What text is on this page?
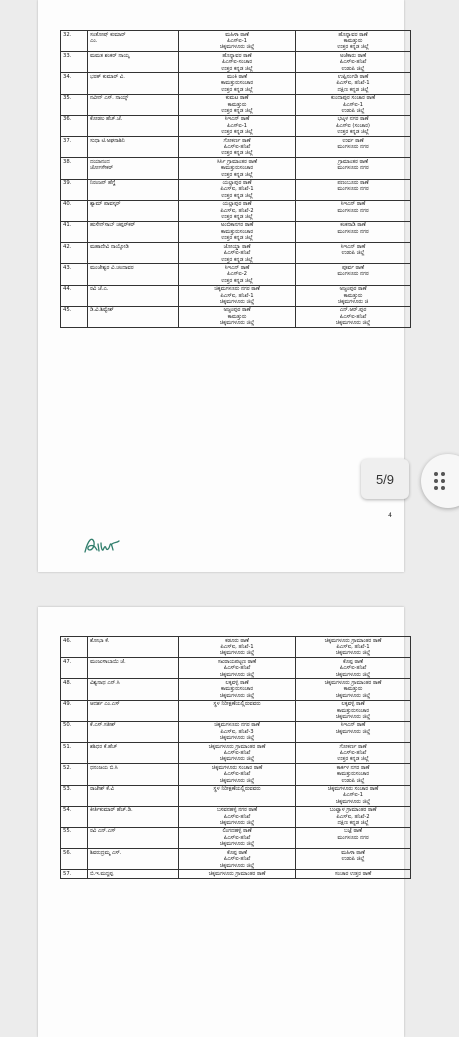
32.	ಸಂತೋಷ್ ಕುಮಾರ್
ಎಂ.	ಮಹಿಳಾ ಠಾಣೆ
ಪಿಎಸ್‌ಐ-1
ಚಿಕ್ಕಮಗಳೂರು ಜಿಲ್ಲೆ	ಹೊನ್ನಾವರ ಠಾಣೆ
ಕಾಮತ್ತುರು
ಉತ್ತರ ಕನ್ನಡ ಜಿಲ್ಲೆ

33.	ಮಮತ ಶಂಕರ್ ನಾಯ್ಕ	ಹೊನ್ನಾವರ ಠಾಣೆ
ಪಿಎಸ್‌ಐ-ಸಂಚಾರ
ಉತ್ತರ ಕನ್ನಡ ಜಿಲ್ಲೆ	ಅಜೆಕಾರು ಠಾಣೆ
ಪಿಎಸ್‌ಐ-ತನಿಖೆ
ಉಡುಪಿ ಜಿಲ್ಲೆ

34.	ಭರತ್ ಕುಮಾರ್ ವಿ.	ಮಂಕಿ ಠಾಣೆ
ಕಾಮತ್ತುರುಸಂಚಾರ
ಉತ್ತರ ಕನ್ನಡ ಜಿಲ್ಲೆ	ಉಪ್ಪಿನಂಗಡಿ ಠಾಣೆ
ಪಿಎಸ್‌ಐ, ತನಿಖೆ-1
ದಕ್ಷಿಣ ಕನ್ನಡ ಜಿಲ್ಲೆ

35.	ನವೀನ್ ಎಸ್. ನಾಯ್ಕ್	ಕುಮಟ ಠಾಣೆ
ಕಾಮತ್ತುರು
ಉತ್ತರ ಕನ್ನಡ ಜಿಲ್ಲೆ	ಕುಂದಾಪುರ ಸಂಚಾರ ಠಾಣೆ
ಪಿಎಸ್‌ಐ-1
ಉಡುಪಿ ಜಿಲ್ಲೆ

36.	ಕೋಡಲ ಹೆಚ್.ಜೆ.	ಸಿಇಎನ್ ಠಾಣೆ
ಪಿಎಸ್‌ಐ-1
ಉತ್ತರ ಕನ್ನಡ ಜಿಲ್ಲೆ	ಭಟ್ಕಳ ನಗರ ಠಾಣೆ
ಪಿಎಸ್‌ಐ (ಸಂಚಾರ)
ಉತ್ತರ ಕನ್ನಡ ಜಿಲ್ಲೆ

37.	ಸುಧಾ ಟಿ.ಅಘನಾಶಿನಿ	ಗೋಕರ್ಣ ಠಾಣೆ
ಪಿಎಸ್‌ಐ-ತನಿಖೆ
ಉತ್ತರ ಕನ್ನಡ ಜಿಲ್ಲೆ	ಉರ್ವ ಠಾಣೆ
ಮಂಗಳೂರು ನಗರ

38.	ದಯಾನಂದ
ಜೋಗಳೇಕರ್	ಸಿರ್ಸಿ ಗ್ರಾಮಾಂತರ ಠಾಣೆ
ಕಾಮತ್ತುರುಸಂಚಾರ
ಉತ್ತರ ಕನ್ನಡ ಜಿಲ್ಲೆ	ಗ್ರಾಮಾಂತರ ಠಾಣೆ
ಮಂಗಳೂರು ನಗರ

39.	ನಿರಂಜನ್ ಹೆಗ್ಡೆ	ಯಲ್ಲಾಪುರ ಠಾಣೆ
ಪಿಎಸ್‌ಐ, ತನಿಖೆ-1
ಉತ್ತರ ಕನ್ನಡ ಜಿಲ್ಲೆ	ಪಣಂಬೂರು ಠಾಣೆ
ಮಂಗಳೂರು ನಗರ

40.	ಶ್ಯಾಮ್ ಪಾವಸ್ಕರ್	ಯಲ್ಲಾಪುರ ಠಾಣೆ
ಪಿಎಸ್‌ಐ, ತನಿಖೆ-2
ಉತ್ತರ ಕನ್ನಡ ಜಿಲ್ಲೆ	ಸಿಇಎನ್ ಠಾಣೆ
ಮಂಗಳೂರು ನಗರ

41.	ಹುಸೇನ್‌ಸಾಬ್ ಚಪ್ಪರ್‌ಕರ್	ಅಂಬಿಕಾನಗರ ಠಾಣೆ
ಕಾಮತ್ತುರುಸಂಚಾರ
ಉತ್ತರ ಕನ್ನಡ ಜಿಲ್ಲೆ	ಕಂಕನಾಡಿ ಠಾಣೆ
ಮಂಗಳೂರು ನಗರ

42.	ಮಹಾದೇವಿ ನಾಯ್ಕೋಡಿ	ಜೋಯ್ಡಾ ಠಾಣೆ
ಪಿಎಸ್‌ಐ-ತನಿಖೆ
ಉತ್ತರ ಕನ್ನಡ ಜಿಲ್ಲೆ	ಸಿಇಎನ್ ಠಾಣೆ
ಉಡುಪಿ ಜಿಲ್ಲೆ

43.	ಮಂಜೇಶ್ವರ ವಿ.ಚಂದಾವರ	ಸಿಇಎನ್ ಠಾಣೆ
ಪಿಎಸ್‌ಐ-2
ಉತ್ತರ ಕನ್ನಡ ಜಿಲ್ಲೆ	ಪೂರ್ವ ಠಾಣೆ
ಮಂಗಳೂರು ನಗರ

44.	ರವಿ ಜೆ.ಎ.	ಚಿಕ್ಕಮಗಳೂರು ನಗರ ಠಾಣೆ
ಪಿಎಸ್‌ಐ, ತನಿಖೆ-1
ಚಿಕ್ಕಮಗಳೂರು ಜಿಲ್ಲೆ	ಅಜ್ಜಂಪುರ ಠಾಣೆ
ಕಾಮತ್ತುರು
ಚಿಕ್ಕಮಗಳೂರು ಜಿ

45.	ಡಿ.ವಿ.ಶಿವ್ವೇಶ್	ಅಜ್ಜಂಪುರ ಠಾಣೆ
ಕಾಮತ್ತುರು
ಚಿಕ್ಕಮಗಳೂರು ಜಿಲ್ಲೆ	ಎನ್.ಆರ್.ಪುರ
ಪಿಎಸ್‌ಐ-ತನಿಖೆ
ಚಿಕ್ಕಮಗಳೂರು ಜಿಲ್ಲೆ
4
46.	ಶೋಭಾ ಕೆ.	ಕಡೂರು ಠಾಣೆ
ಪಿಎಸ್‌ಐ, ತನಿಖೆ-1
ಚಿಕ್ಕಮಗಳೂರು ಜಿಲ್ಲೆ	ಚಿಕ್ಕಮಗಳೂರು ಗ್ರಾಮಾಂತರ ಠಾಣೆ
ಪಿಎಸ್‌ಐ, ತನಿಖೆ-1
ಚಿಕ್ಕಮಗಳೂರು ಜಿಲ್ಲೆ

47.	ಮಂಜುಳಾಬಾಯಿ ಜೆ.	ಸಖರಾಯಪಟ್ಟಣ ಠಾಣೆ
ಪಿಎಸ್‌ಐ-ತನಿಖೆ
ಚಿಕ್ಕಮಗಳೂರು ಜಿಲ್ಲೆ	ಕೊಪ್ಪ ಠಾಣೆ
ಪಿಎಸ್‌ಐ-ತನಿಖೆ
ಚಿಕ್ಕಮಗಳೂರು ಜಿಲ್ಲೆ

48.	ವಿಶ್ವನಾಥ ಎನ್.ಸಿ	ಲಕ್ಕವಳ್ಳಿ ಠಾಣೆ
ಕಾಮತ್ತುರುಸಂಚಾರ
ಚಿಕ್ಕಮಗಳೂರು ಜಿಲ್ಲೆ	ಚಿಕ್ಕಮಗಳೂರು ಗ್ರಾಮಾಂತರ ಠಾಣೆ
ಕಾಮತ್ತುರು
ಚಿಕ್ಕಮಗಳೂರು ಜಿಲ್ಲೆ

49.	ಆದರ್ಶ ಎಂ.ಎಸ್	ಸ್ಥಳ ನಿರೀಕ್ಷಣೆಯಲ್ಲಿರುವವರು	ಲಕ್ಕವಳ್ಳಿ ಠಾಣೆ
ಕಾಮತ್ತುರುಸಂಚಾರ
ಚಿಕ್ಕಮಗಳೂರು ಜಿಲ್ಲೆ

50.	ಕೆ.ಎಸ್.ಸತೀಶ್	ಚಿಕ್ಕಮಗಳೂರು ನಗರ ಠಾಣೆ
ಪಿಎಸ್‌ಐ, ತನಿಖೆ-3
ಚಿಕ್ಕಮಗಳೂರು ಜಿಲ್ಲೆ	ಸಿಇಎನ್ ಠಾಣೆ
ಚಿಕ್ಕಮಗಳೂರು ಜಿಲ್ಲೆ

51.	ಶಶಿಧರ ಕೆ.ಹೆಚ್	ಚಿಕ್ಕಮಗಳೂರು ಗ್ರಾಮಾಂತರ ಠಾಣೆ
ಪಿಎಸ್‌ಐ-ತನಿಖೆ
ಚಿಕ್ಕಮಗಳೂರು ಜಿಲ್ಲೆ	ಗೋಕರ್ಣ ಠಾಣೆ
ಪಿಎಸ್‌ಐ-ತನಿಖೆ
ಉತ್ತರ ಕನ್ನಡ ಜಿಲ್ಲೆ

52.	ಧನಂಜಯ ಬಿ.ಸಿ	ಚಿಕ್ಕಮಗಳೂರು ಸಂಚಾರ ಠಾಣೆ
ಪಿಎಸ್‌ಐ-ತನಿಖೆ
ಚಿಕ್ಕಮಗಳೂರು ಜಿಲ್ಲೆ	ಕಾರ್ಕಳ ನಗರ ಠಾಣೆ
ಕಾಮತ್ತುರುಸಂಚಾರ
ಉಡುಪಿ ಜಿಲ್ಲೆ

53.	ರಾಜೇಶ್ ಕೆ.ವಿ	ಸ್ಥಳ ನಿರೀಕ್ಷಣೆಯಲ್ಲಿರುವವರು	ಚಿಕ್ಕಮಗಳೂರು ಸಂಚಾರ ಠಾಣೆ
ಪಿಎಸ್‌ಐ-1
ಚಿಕ್ಕಮಗಳೂರು ಜಿಲ್ಲೆ

54.	ಕೀರ್ತಿಕುಮಾರ್ ಹೆಚ್.ಡಿ.	ಬಸವನಹಳ್ಳಿ ನಗರ ಠಾಣೆ
ಪಿಎಸ್‌ಐ-ತನಿಖೆ
ಚಿಕ್ಕಮಗಳೂರು ಜಿಲ್ಲೆ	ಬಂಟ್ವಾಳ ಗ್ರಾಮಾಂತರ ಠಾಣೆ
ಪಿಎಸ್‌ಐ, ತನಿಖೆ-2
ದಕ್ಷಿಣ ಕನ್ನಡ ಜಿಲ್ಲೆ

55.	ರವಿ ಎನ್.ಎಸ್	ಲಿಂಗದಹಳ್ಳಿ ಠಾಣೆ
ಪಿಎಸ್‌ಐ-ತನಿಖೆ
ಚಿಕ್ಕಮಗಳೂರು ಜಿಲ್ಲೆ	ಬಜ್ಪೆ ಠಾಣೆ
ಮಂಗಳೂರು ನಗರ

56.	ಶಿವರುದ್ರಮ್ಮ ಎಸ್.	ಕೊಪ್ಪ ಠಾಣೆ
ಪಿಎಸ್‌ಐ-ತನಿಖೆ
ಚಿಕ್ಕಮಗಳೂರು ಜಿಲ್ಲೆ	ಮಹಿಳಾ ಠಾಣೆ
ಉಡುಪಿ ಜಿಲ್ಲೆ

57.	ಬಿ.ಇ.ಮದ್ದಪ್ಪ	ಚಿಕ್ಕಮಗಳೂರು ಗ್ರಾಮಾಂತರ ಠಾಣೆ	ಸಂಚಾರ ಉತ್ತರ ಠಾಣೆ
5/9
